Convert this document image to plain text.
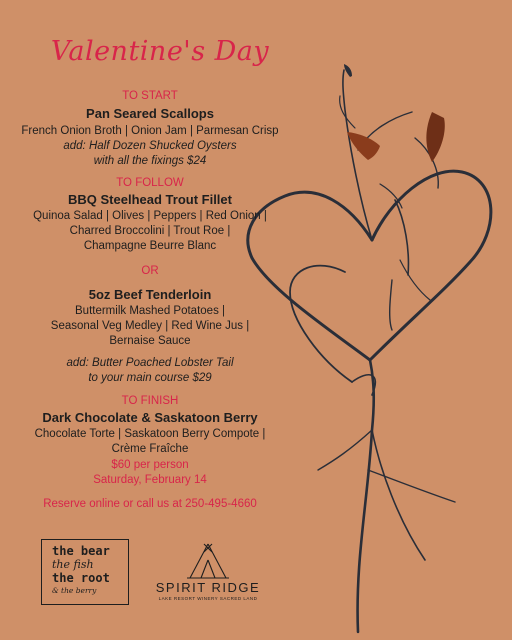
Valentine's Day
TO START
Pan Seared Scallops
French Onion Broth | Onion Jam | Parmesan Crisp
add: Half Dozen Shucked Oysters
with all the fixings $24
TO FOLLOW
BBQ Steelhead Trout Fillet
Quinoa Salad | Olives | Peppers | Red Onion |
Charred Broccolini | Trout Roe |
Champagne Beurre Blanc
OR
5oz Beef Tenderloin
Buttermilk Mashed Potatoes |
Seasonal Veg Medley | Red Wine Jus |
Bernaise Sauce
add: Butter Poached Lobster Tail
to your main course $29
TO FINISH
Dark Chocolate & Saskatoon Berry
Chocolate Torte | Saskatoon Berry Compote |
Crème Fraîche
$60 per person
Saturday, February 14
Reserve online or call us at 250-495-4660
the bear
the fish
the root
& the berry	SPIRIT RIDGE
LAKE RESORT WINERY SACRED LAND
